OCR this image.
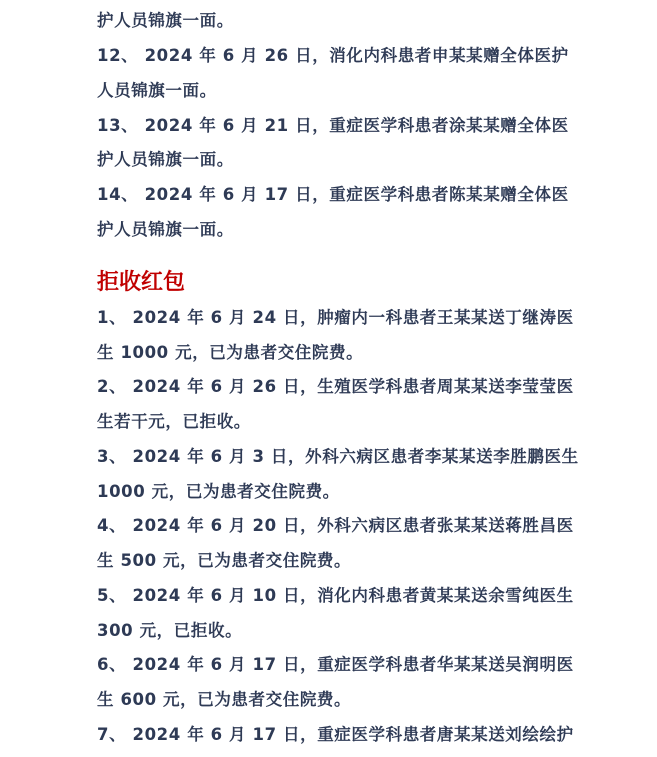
护人员锦旗一面。
12、 2024 年 6 月 26 日，消化内科患者申某某赠全体医护
人员锦旗一面。
13、 2024 年 6 月 21 日，重症医学科患者涂某某赠全体医
护人员锦旗一面。
14、 2024 年 6 月 17 日，重症医学科患者陈某某赠全体医
护人员锦旗一面。
拒收红包
1、 2024 年 6 月 24 日，肿瘤内一科患者王某某送丁继涛医
生 1000 元，已为患者交住院费。
2、 2024 年 6 月 26 日，生殖医学科患者周某某送李莹莹医
生若干元，已拒收。
3、 2024 年 6 月 3 日，外科六病区患者李某某送李胜鹏医生
1000 元，已为患者交住院费。
4、 2024 年 6 月 20 日，外科六病区患者张某某送蒋胜昌医
生 500 元，已为患者交住院费。
5、 2024 年 6 月 10 日，消化内科患者黄某某送余雪纯医生
300 元，已拒收。
6、 2024 年 6 月 17 日，重症医学科患者华某某送吴润明医
生 600 元，已为患者交住院费。
7、 2024 年 6 月 17 日，重症医学科患者唐某某送刘绘绘护
